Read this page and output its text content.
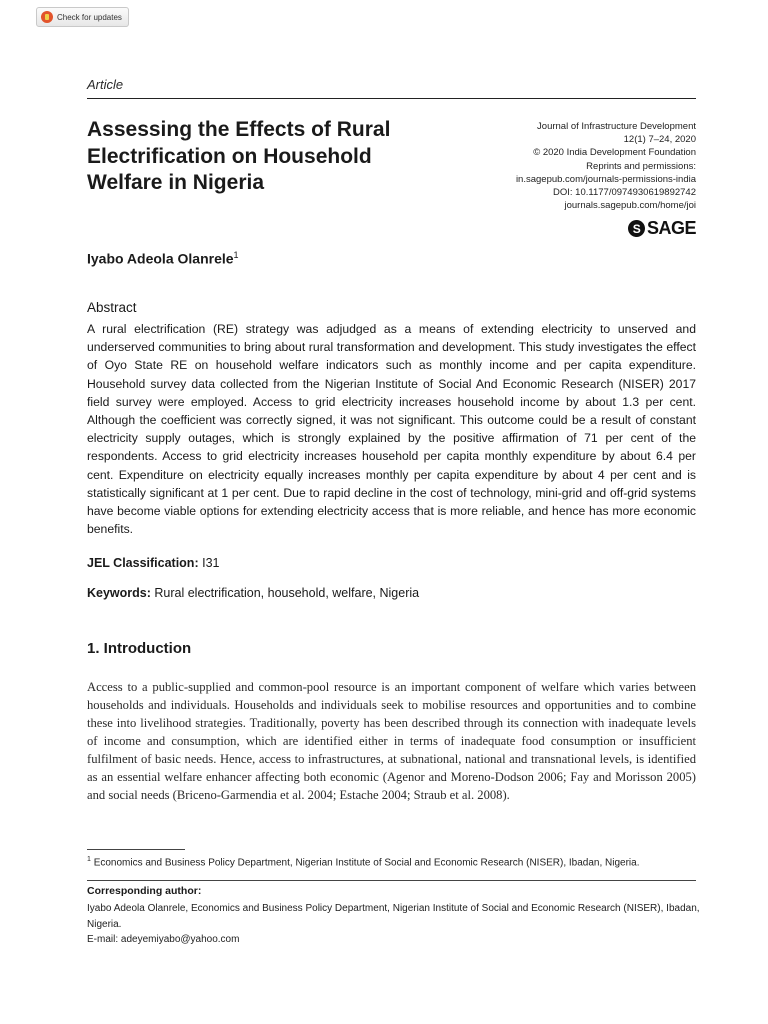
Check for updates
Article
Assessing the Effects of Rural Electrification on Household Welfare in Nigeria
Journal of Infrastructure Development
12(1) 7–24, 2020
© 2020 India Development Foundation
Reprints and permissions:
in.sagepub.com/journals-permissions-india
DOI: 10.1177/0974930619892742
journals.sagepub.com/home/joi
S SAGE
Iyabo Adeola Olanrele$^1$
Abstract

A rural electrification (RE) strategy was adjudged as a means of extending electricity to unserved and underserved communities to bring about rural transformation and development. This study investigates the effect of Oyo State RE on household welfare indicators such as monthly income and per capita expenditure. Household survey data collected from the Nigerian Institute of Social And Economic Research (NISER) 2017 field survey were employed. Access to grid electricity increases household income by about 1.3 per cent. Although the coefficient was correctly signed, it was not significant. This outcome could be a result of constant electricity supply outages, which is strongly explained by the positive affirmation of 71 per cent of the respondents. Access to grid electricity increases household per capita monthly expenditure by about 6.4 per cent. Expenditure on electricity equally increases monthly per capita expenditure by about 4 per cent and is statistically significant at 1 per cent. Due to rapid decline in the cost of technology, mini-grid and off-grid systems have become viable options for extending electricity access that is more reliable, and hence has more economic benefits.

JEL Classification: I31
Keywords: Rural electrification, household, welfare, Nigeria
1. Introduction

Access to a public-supplied and common-pool resource is an important component of welfare which varies between households and individuals. Households and individuals seek to mobilise resources and opportunities and to combine these into livelihood strategies. Traditionally, poverty has been described through its connection with inadequate levels of income and consumption, which are identified either in terms of inadequate food consumption or insufficient fulfilment of basic needs. Hence, access to infrastructures, at subnational, national and transnational levels, is identified as an essential welfare enhancer affecting both economic (Agenor and Moreno-Dodson 2006; Fay and Morisson 2005) and social needs (Briceno-Garmendia et al. 2004; Estache 2004; Straub et al. 2008).

$^1$ Economics and Business Policy Department, Nigerian Institute of Social and Economic Research (NISER), Ibadan, Nigeria.
Corresponding author:
Iyabo Adeola Olanrele, Economics and Business Policy Department, Nigerian Institute of Social and Economic Research (NISER), Ibadan, Nigeria.
E-mail: adeyemiyabo@yahoo.com
